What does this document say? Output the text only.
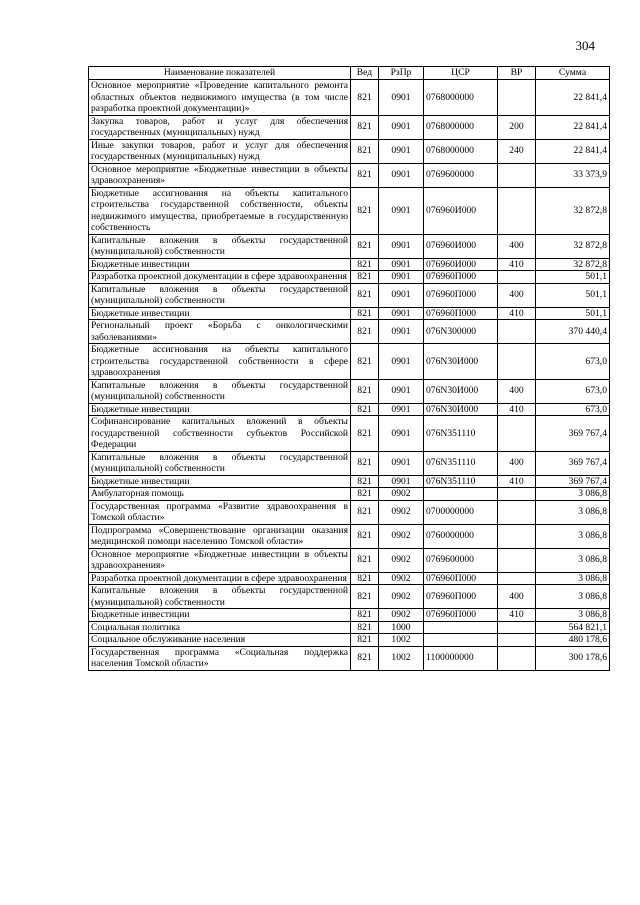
304
Наименование показателей	Вед	РзПр	ЦСР	ВР	Сумма
Основное мероприятие «Проведение капитального ремонта областных объектов недвижимого имущества (в том числе разработка проектной документации)»	821	0901	0768000000		22 841,4
Закупка товаров, работ и услуг для обеспечения государственных (муниципальных) нужд	821	0901	0768000000	200	22 841,4
Иные закупки товаров, работ и услуг для обеспечения государственных (муниципальных) нужд	821	0901	0768000000	240	22 841,4
Основное мероприятие «Бюджетные инвестиции в объекты здравоохранения»	821	0901	0769600000		33 373,9
Бюджетные ассигнования на объекты капитального строительства государственной собственности, объекты недвижимого имущества, приобретаемые в государственную собственность	821	0901	076960И000		32 872,8
Капитальные вложения в объекты государственной (муниципальной) собственности	821	0901	076960И000	400	32 872,8
Бюджетные инвестиции	821	0901	076960И000	410	32 872,8
Разработка проектной документации в сфере здравоохранения	821	0901	076960П000		501,1
Капитальные вложения в объекты государственной (муниципальной) собственности	821	0901	076960П000	400	501,1
Бюджетные инвестиции	821	0901	076960П000	410	501,1
Региональный проект «Борьба с онкологическими заболеваниями»	821	0901	076N300000		370 440,4
Бюджетные ассигнования на объекты капитального строительства государственной собственности в сфере здравоохранения	821	0901	076N30И000		673,0
Капитальные вложения в объекты государственной (муниципальной) собственности	821	0901	076N30И000	400	673,0
Бюджетные инвестиции	821	0901	076N30И000	410	673,0
Софинансирование капитальных вложений в объекты государственной собственности субъектов Российской Федерации	821	0901	076N351110		369 767,4
Капитальные вложения в объекты государственной (муниципальной) собственности	821	0901	076N351110	400	369 767,4
Бюджетные инвестиции	821	0901	076N351110	410	369 767,4
Амбулаторная помощь	821	0902			3 086,8
Государственная программа «Развитие здравоохранения в Томской области»	821	0902	0700000000		3 086,8
Подпрограмма «Совершенствование организации оказания медицинской помощи населению Томской области»	821	0902	0760000000		3 086,8
Основное мероприятие «Бюджетные инвестиции в объекты здравоохранения»	821	0902	0769600000		3 086,8
Разработка проектной документации в сфере здравоохранения	821	0902	076960П000		3 086,8
Капитальные вложения в объекты государственной (муниципальной) собственности	821	0902	076960П000	400	3 086,8
Бюджетные инвестиции	821	0902	076960П000	410	3 086,8
Социальная политика	821	1000			564 821,1
Социальное обслуживание населения	821	1002			480 178,6
Государственная программа «Социальная поддержка населения Томской области»	821	1002	1100000000		300 178,6
